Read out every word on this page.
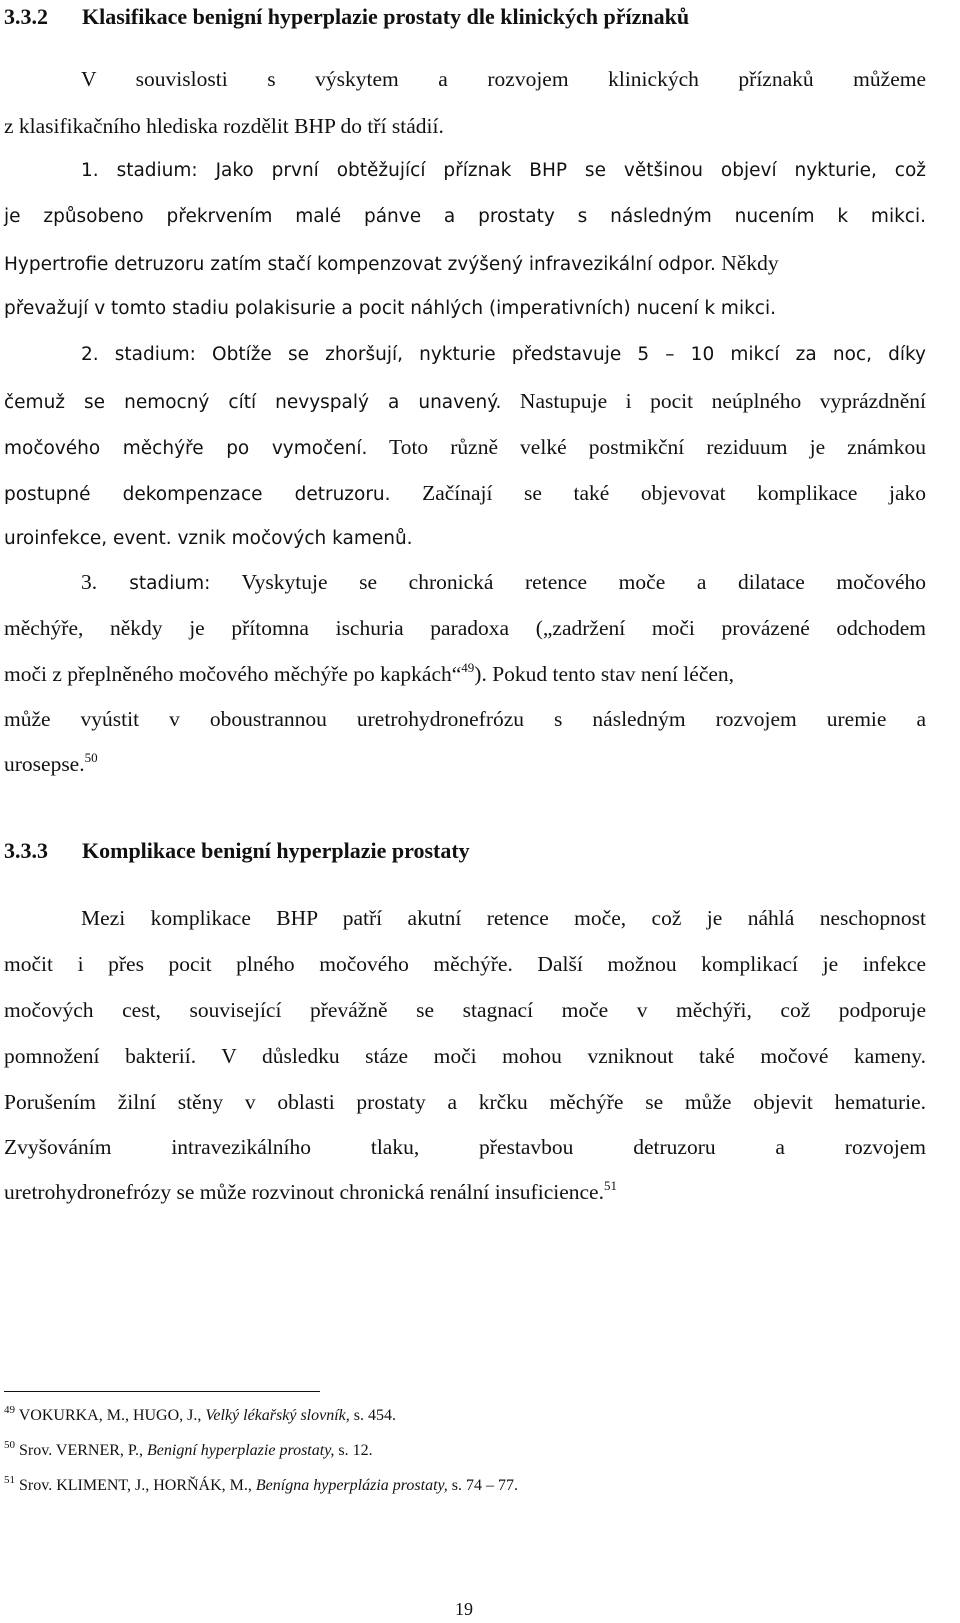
3.3.2 Klasifikace benigní hyperplazie prostaty dle klinických příznaků
V souvislosti s výskytem a rozvojem klinických příznaků můžeme
z klasifikačního hlediska rozdělit BHP do tří stádií.
1. stadium: Jako první obtěžující příznak BHP se většinou objeví nykturie, což
je způsobeno překrvením malé pánve a prostaty s následným nucením k mikci.
Hypertrofie detruzoru zatím stačí kompenzovat zvýšený infravezikální odpor. Někdy
převažují v tomto stadiu polakisurie a pocit náhlých (imperativních) nucení k mikci.
2. stadium: Obtíže se zhoršují, nykturie představuje 5 – 10 mikcí za noc, díky
čemuž se nemocný cítí nevyspalý a unavený. Nastupuje i pocit neúplného vyprázdnění
močového měchýře po vymočení. Toto různě velké postmikční reziduum je známkou
postupné dekompenzace detruzoru. Začínají se také objevovat komplikace jako
uroinfekce, event. vznik močových kamenů.
3. stadium: Vyskytuje se chronická retence moče a dilatace močového
měchýře, někdy je přítomna ischuria paradoxa („zadržení moči provázené odchodem
moči z přeplněného močového měchýře po kapkách“$^{49}$). Pokud tento stav není léčen,
může vyústit v oboustrannou uretrohydronefrózu s následným rozvojem uremie a
urosepse.$^{50}$
3.3.3 Komplikace benigní hyperplazie prostaty
Mezi komplikace BHP patří akutní retence moče, což je náhlá neschopnost
močit i přes pocit plného močového měchýře. Další možnou komplikací je infekce
močových cest, související převážně se stagnací moče v měchýři, což podporuje
pomnožení bakterií. V důsledku stáze moči mohou vzniknout také močové kameny.
Porušením žilní stěny v oblasti prostaty a krčku měchýře se může objevit hematurie.
Zvyšováním intravezikálního tlaku, přestavbou detruzoru a rozvojem
uretrohydronefrózy se může rozvinout chronická renální insuficience.$^{51}$
$^{49}$ VOKURKA, M., HUGO, J., Velký lékařský slovník, s. 454.
$^{50}$ Srov. VERNER, P., Benigní hyperplazie prostaty, s. 12.
$^{51}$ Srov. KLIMENT, J., HORŇÁK, M., Benígna hyperplázia prostaty, s. 74 – 77.
19
